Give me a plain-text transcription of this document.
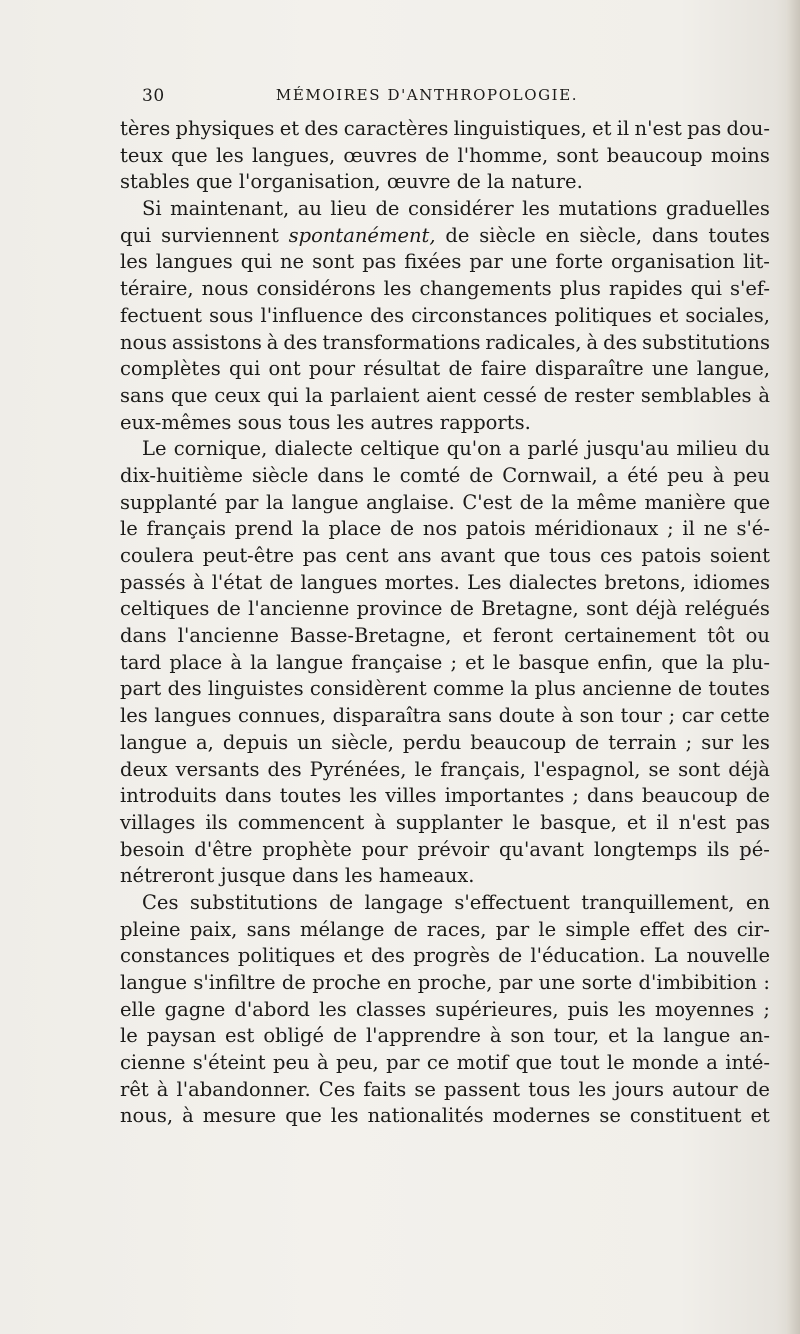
30	MÉMOIRES D'ANTHROPOLOGIE.
tères physiques et des caractères linguistiques, et il n'est pas dou-
teux que les langues, œuvres de l'homme, sont beaucoup moins
stables que l'organisation, œuvre de la nature.
Si maintenant, au lieu de considérer les mutations graduelles
qui surviennent spontanément, de siècle en siècle, dans toutes
les langues qui ne sont pas fixées par une forte organisation lit-
téraire, nous considérons les changements plus rapides qui s'ef-
fectuent sous l'influence des circonstances politiques et sociales,
nous assistons à des transformations radicales, à des substitutions
complètes qui ont pour résultat de faire disparaître une langue,
sans que ceux qui la parlaient aient cessé de rester semblables à
eux-mêmes sous tous les autres rapports.
Le cornique, dialecte celtique qu'on a parlé jusqu'au milieu du
dix-huitième siècle dans le comté de Cornwail, a été peu à peu
supplanté par la langue anglaise. C'est de la même manière que
le français prend la place de nos patois méridionaux ; il ne s'é-
coulera peut-être pas cent ans avant que tous ces patois soient
passés à l'état de langues mortes. Les dialectes bretons, idiomes
celtiques de l'ancienne province de Bretagne, sont déjà relégués
dans l'ancienne Basse-Bretagne, et feront certainement tôt ou
tard place à la langue française ; et le basque enfin, que la plu-
part des linguistes considèrent comme la plus ancienne de toutes
les langues connues, disparaîtra sans doute à son tour ; car cette
langue a, depuis un siècle, perdu beaucoup de terrain ; sur les
deux versants des Pyrénées, le français, l'espagnol, se sont déjà
introduits dans toutes les villes importantes ; dans beaucoup de
villages ils commencent à supplanter le basque, et il n'est pas
besoin d'être prophète pour prévoir qu'avant longtemps ils pé-
nétreront jusque dans les hameaux.
Ces substitutions de langage s'effectuent tranquillement, en
pleine paix, sans mélange de races, par le simple effet des cir-
constances politiques et des progrès de l'éducation. La nouvelle
langue s'infiltre de proche en proche, par une sorte d'imbibition :
elle gagne d'abord les classes supérieures, puis les moyennes ;
le paysan est obligé de l'apprendre à son tour, et la langue an-
cienne s'éteint peu à peu, par ce motif que tout le monde a inté-
rêt à l'abandonner. Ces faits se passent tous les jours autour de
nous, à mesure que les nationalités modernes se constituent et
